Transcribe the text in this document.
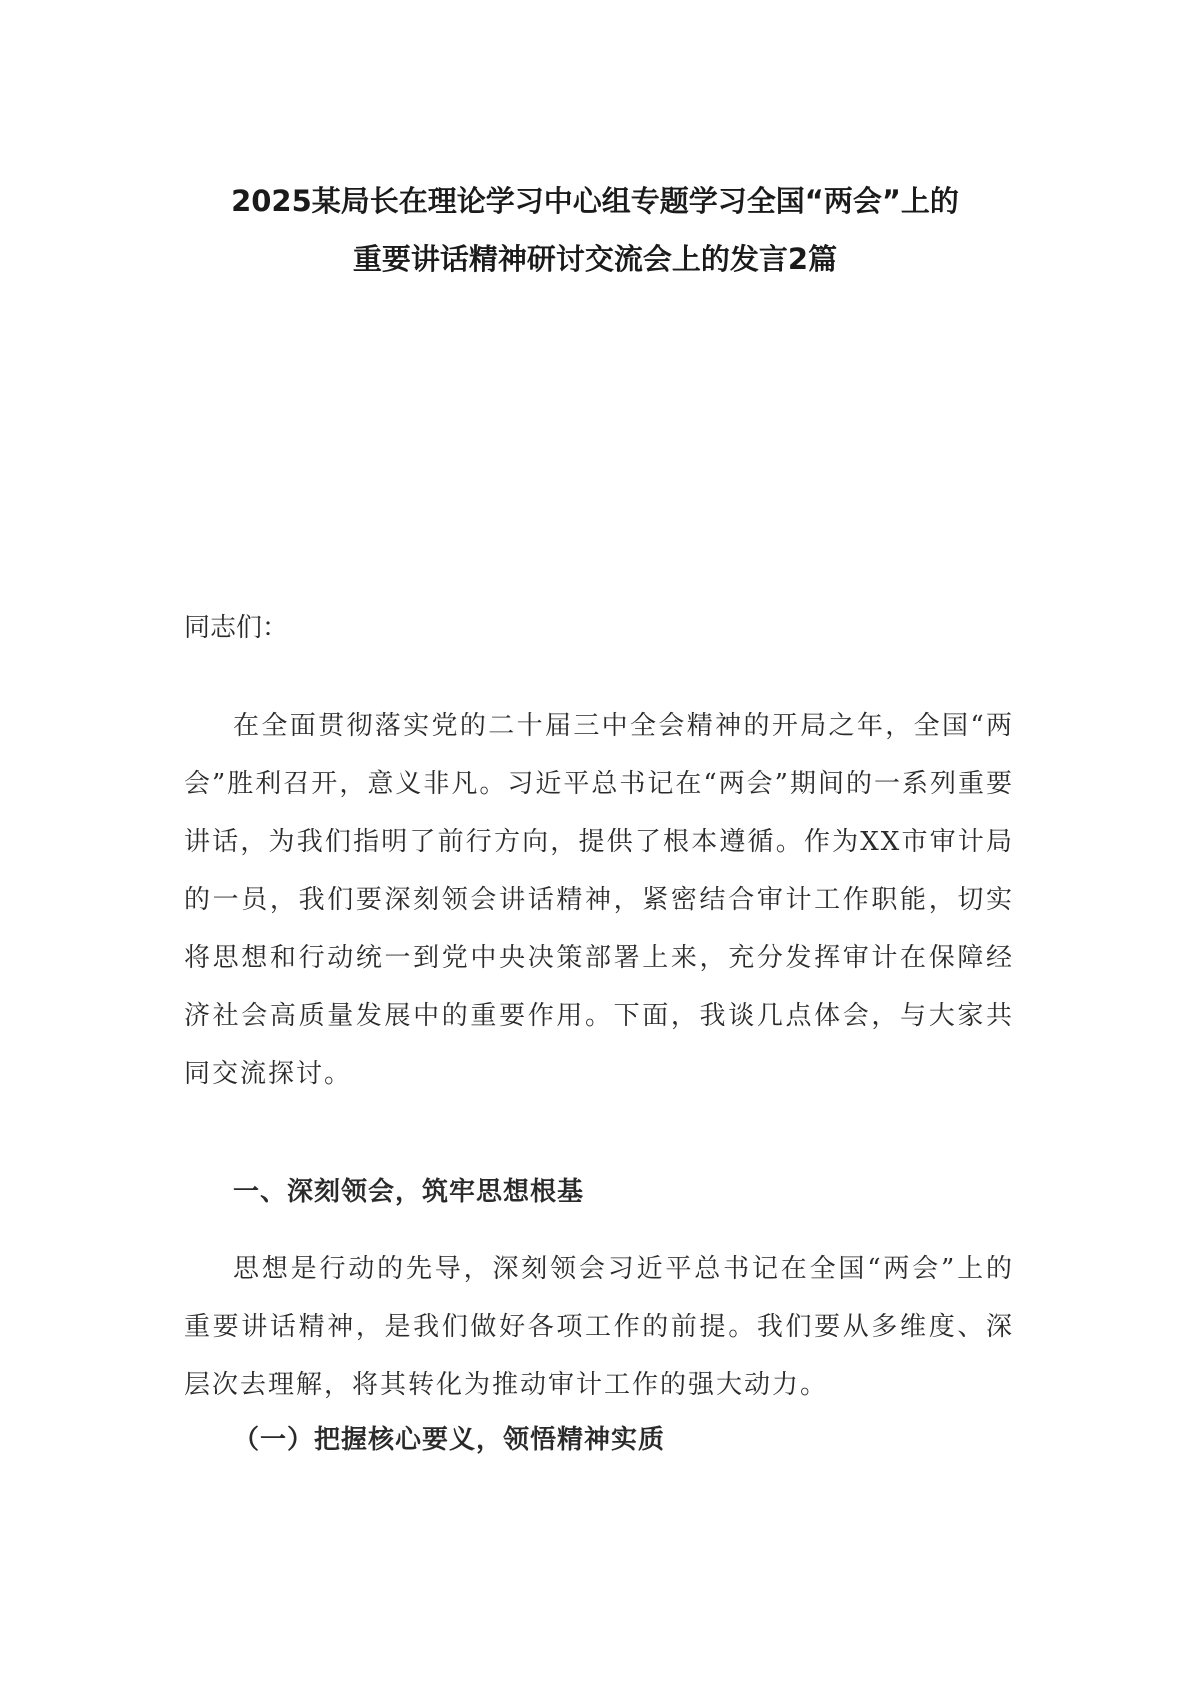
2025某局长在理论学习中心组专题学习全国“两会”上的
重要讲话精神研讨交流会上的发言2篇

同志们：

在全面贯彻落实党的二十届三中全会精神的开局之年，全国“两会”胜利召开，意义非凡。习近平总书记在“两会”期间的一系列重要讲话，为我们指明了前行方向，提供了根本遵循。作为XX市审计局的一员，我们要深刻领会讲话精神，紧密结合审计工作职能，切实将思想和行动统一到党中央决策部署上来，充分发挥审计在保障经济社会高质量发展中的重要作用。下面，我谈几点体会，与大家共同交流探讨。

一、深刻领会，筑牢思想根基

思想是行动的先导，深刻领会习近平总书记在全国“两会”上的重要讲话精神，是我们做好各项工作的前提。我们要从多维度、深层次去理解，将其转化为推动审计工作的强大动力。

（一）把握核心要义，领悟精神实质
